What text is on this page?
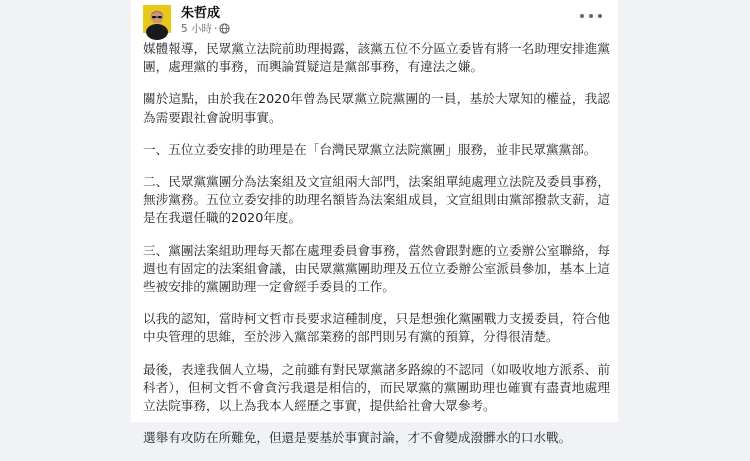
朱哲成
5 小時 ·

媒體報導，民眾黨立法院前助理揭露，該黨五位不分區立委皆有將一名助理安排進黨團，處理黨的事務，而輿論質疑這是黨部事務，有違法之嫌。

關於這點，由於我在2020年曾為民眾黨立院黨團的一員，基於大眾知的權益，我認為需要跟社會說明事實。

一、五位立委安排的助理是在「台灣民眾黨立法院黨團」服務，並非民眾黨黨部。

二、民眾黨黨團分為法案組及文宣組兩大部門，法案組單純處理立法院及委員事務，無涉黨務。五位立委安排的助理名額皆為法案組成員，文宣組則由黨部撥款支薪，這是在我還任職的2020年度。

三、黨團法案組助理每天都在處理委員會事務，當然會跟對應的立委辦公室聯絡，每週也有固定的法案組會議，由民眾黨黨團助理及五位立委辦公室派員參加，基本上這些被安排的黨團助理一定會經手委員的工作。

以我的認知，當時柯文哲市長要求這種制度，只是想強化黨團戰力支援委員，符合他中央管理的思維，至於涉入黨部業務的部門則另有黨的預算，分得很清楚。

最後，表達我個人立場，之前雖有對民眾黨諸多路線的不認同（如吸收地方派系、前科者），但柯文哲不會貪污我還是相信的，而民眾黨的黨團助理也確實有盡責地處理立法院事務，以上為我本人經歷之事實，提供給社會大眾參考。

選舉有攻防在所難免，但還是要基於事實討論，才不會變成潑髒水的口水戰。
